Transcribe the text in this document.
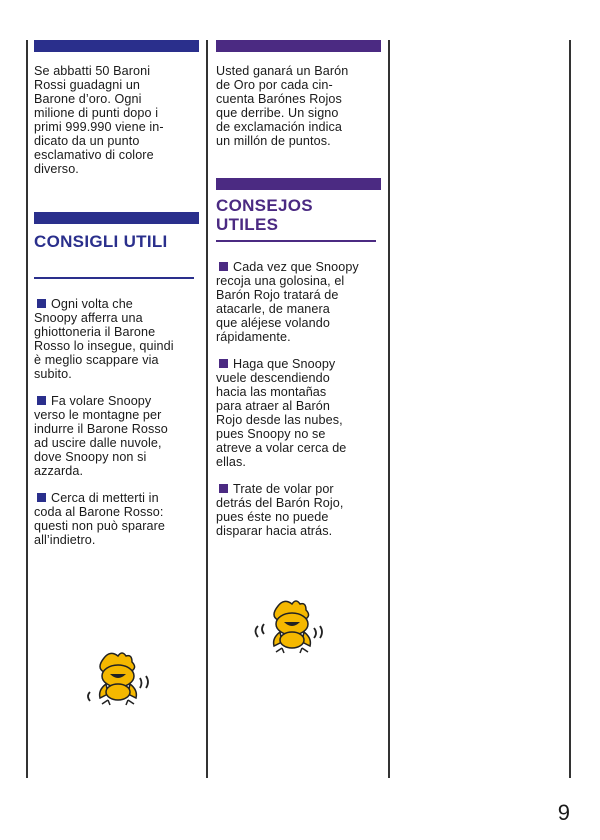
Se abbatti 50 Baroni

Rossi guadagni un

Barone d’oro. Ogni

milione di punti dopo i

primi 999.990 viene in-

dicato da un punto

esclamativo di colore

diverso.

CONSIGLI UTILI

Ogni volta che

Snoopy afferra una

ghiottoneria il Barone

Rosso lo insegue, quindi

è meglio scappare via

subito.

Fa volare Snoopy

verso le montagne per

indurre il Barone Rosso

ad uscire dalle nuvole,

dove Snoopy non si

azzarda.

Cerca di metterti in

coda al Barone Rosso:

questi non può sparare

all’indietro.

Usted ganará un Barón

de Oro por cada cin-

cuenta Barónes Rojos

que derribe. Un signo

de exclamación indica

un millón de puntos.

CONSEJOS
UTILES

Cada vez que Snoopy

recoja una golosina, el

Barón Rojo tratará de

atacarle, de manera

que aléjese volando

rápidamente.

Haga que Snoopy

vuele descendiendo

hacia las montañas

para atraer al Barón

Rojo desde las nubes,

pues Snoopy no se

atreve a volar cerca de

ellas.

Trate de volar por

detrás del Barón Rojo,

pues éste no puede

disparar hacia atrás.

9
